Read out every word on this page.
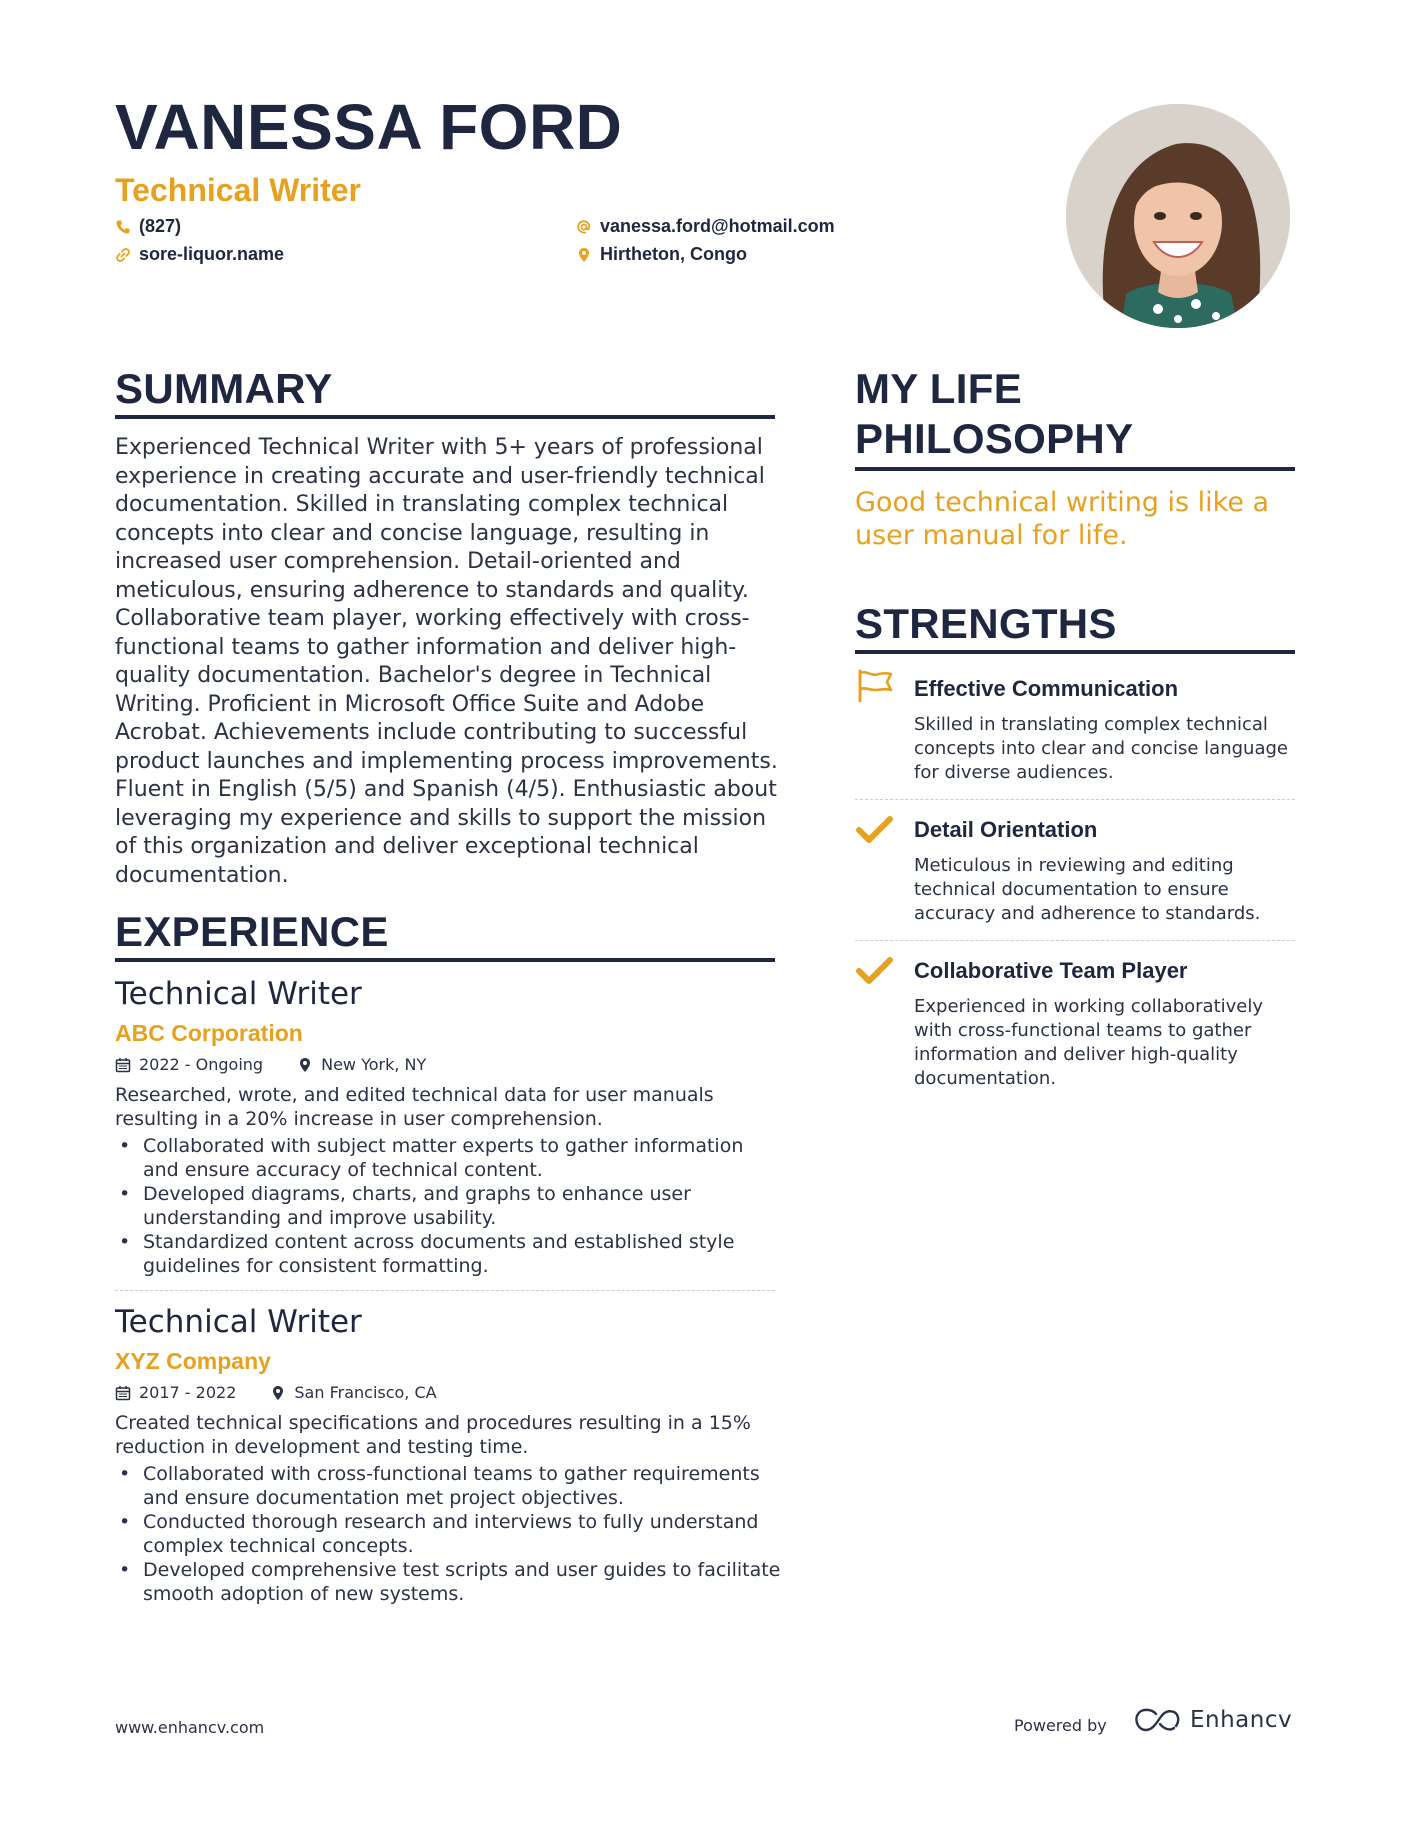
VANESSA FORD
Technical Writer
(827)	vanessa.ford@hotmail.com
sore-liquor.name	Hirtheton, Congo
SUMMARY
Experienced Technical Writer with 5+ years of professional experience in creating accurate and user-friendly technical documentation. Skilled in translating complex technical concepts into clear and concise language, resulting in increased user comprehension. Detail-oriented and meticulous, ensuring adherence to standards and quality. Collaborative team player, working effectively with cross-functional teams to gather information and deliver high-quality documentation. Bachelor's degree in Technical Writing. Proficient in Microsoft Office Suite and Adobe Acrobat. Achievements include contributing to successful product launches and implementing process improvements. Fluent in English (5/5) and Spanish (4/5). Enthusiastic about leveraging my experience and skills to support the mission of this organization and deliver exceptional technical documentation.
EXPERIENCE
Technical Writer
ABC Corporation
2022 - Ongoing	New York, NY
Researched, wrote, and edited technical data for user manuals resulting in a 20% increase in user comprehension.
• Collaborated with subject matter experts to gather information and ensure accuracy of technical content.
• Developed diagrams, charts, and graphs to enhance user understanding and improve usability.
• Standardized content across documents and established style guidelines for consistent formatting.
Technical Writer
XYZ Company
2017 - 2022	San Francisco, CA
Created technical specifications and procedures resulting in a 15% reduction in development and testing time.
• Collaborated with cross-functional teams to gather requirements and ensure documentation met project objectives.
• Conducted thorough research and interviews to fully understand complex technical concepts.
• Developed comprehensive test scripts and user guides to facilitate smooth adoption of new systems.
MY LIFE
PHILOSOPHY
Good technical writing is like a user manual for life.
STRENGTHS
Effective Communication
Skilled in translating complex technical concepts into clear and concise language for diverse audiences.
Detail Orientation
Meticulous in reviewing and editing technical documentation to ensure accuracy and adherence to standards.
Collaborative Team Player
Experienced in working collaboratively with cross-functional teams to gather information and deliver high-quality documentation.
www.enhancv.com	Powered by	Enhancv
